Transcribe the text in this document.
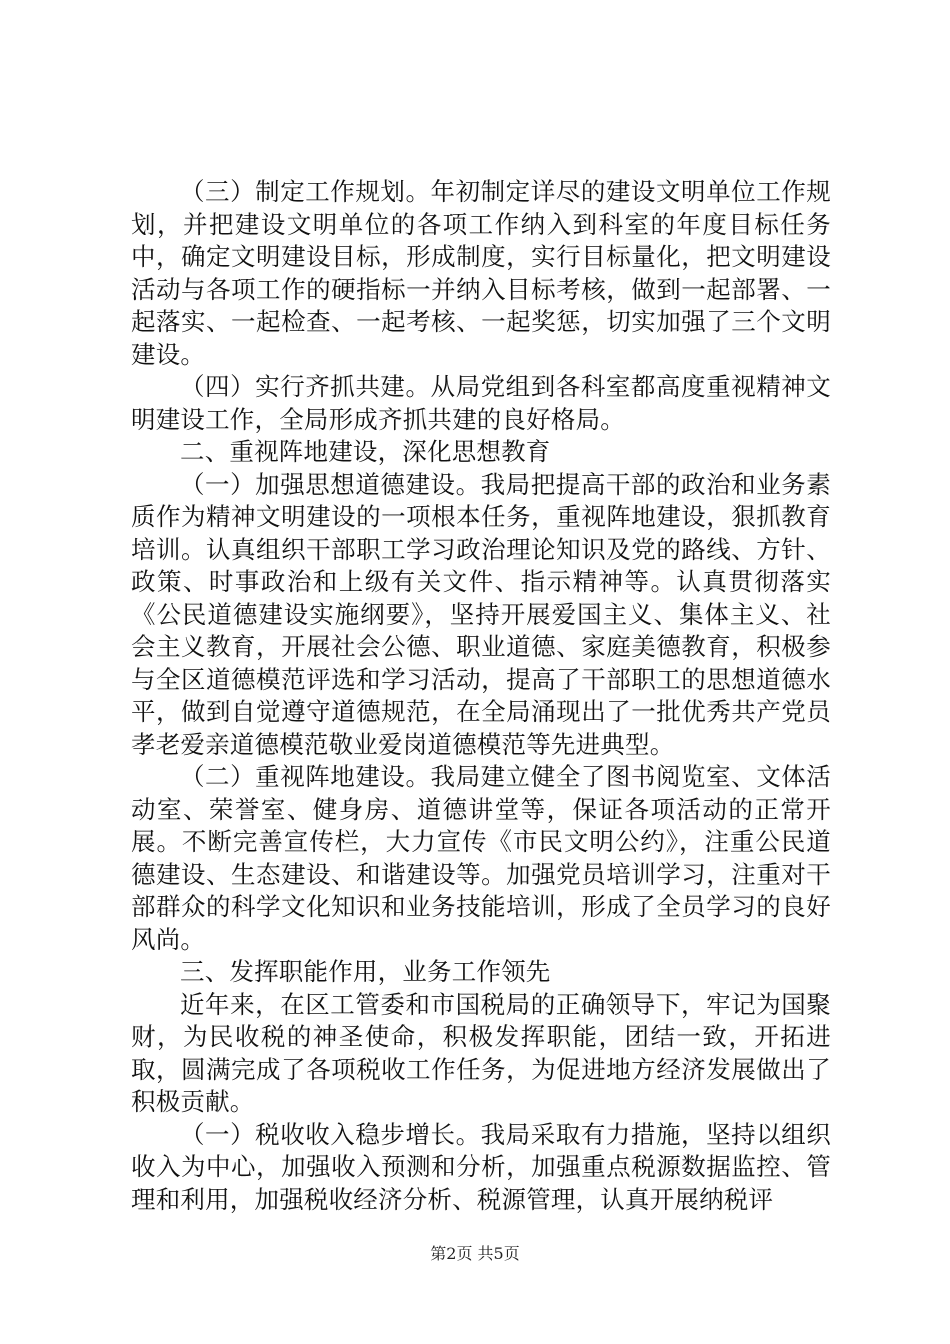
（三）制定工作规划。年初制定详尽的建设文明单位工作规划，并把建设文明单位的各项工作纳入到科室的年度目标任务中，确定文明建设目标，形成制度，实行目标量化，把文明建设活动与各项工作的硬指标一并纳入目标考核，做到一起部署、一起落实、一起检查、一起考核、一起奖惩，切实加强了三个文明建设。

（四）实行齐抓共建。从局党组到各科室都高度重视精神文明建设工作，全局形成齐抓共建的良好格局。

二、重视阵地建设，深化思想教育

（一）加强思想道德建设。我局把提高干部的政治和业务素质作为精神文明建设的一项根本任务，重视阵地建设，狠抓教育培训。认真组织干部职工学习政治理论知识及党的路线、方针、政策、时事政治和上级有关文件、指示精神等。认真贯彻落实《公民道德建设实施纲要》，坚持开展爱国主义、集体主义、社会主义教育，开展社会公德、职业道德、家庭美德教育，积极参与全区道德模范评选和学习活动，提高了干部职工的思想道德水平，做到自觉遵守道德规范，在全局涌现出了一批优秀共产党员孝老爱亲道德模范敬业爱岗道德模范等先进典型。

（二）重视阵地建设。我局建立健全了图书阅览室、文体活动室、荣誉室、健身房、道德讲堂等，保证各项活动的正常开展。不断完善宣传栏，大力宣传《市民文明公约》，注重公民道德建设、生态建设、和谐建设等。加强党员培训学习，注重对干部群众的科学文化知识和业务技能培训，形成了全员学习的良好风尚。

三、发挥职能作用，业务工作领先

近年来，在区工管委和市国税局的正确领导下，牢记为国聚财，为民收税的神圣使命，积极发挥职能，团结一致，开拓进取，圆满完成了各项税收工作任务，为促进地方经济发展做出了积极贡献。

（一）税收收入稳步增长。我局采取有力措施，坚持以组织收入为中心，加强收入预测和分析，加强重点税源数据监控、管理和利用，加强税收经济分析、税源管理，认真开展纳税评

第2页 共5页
